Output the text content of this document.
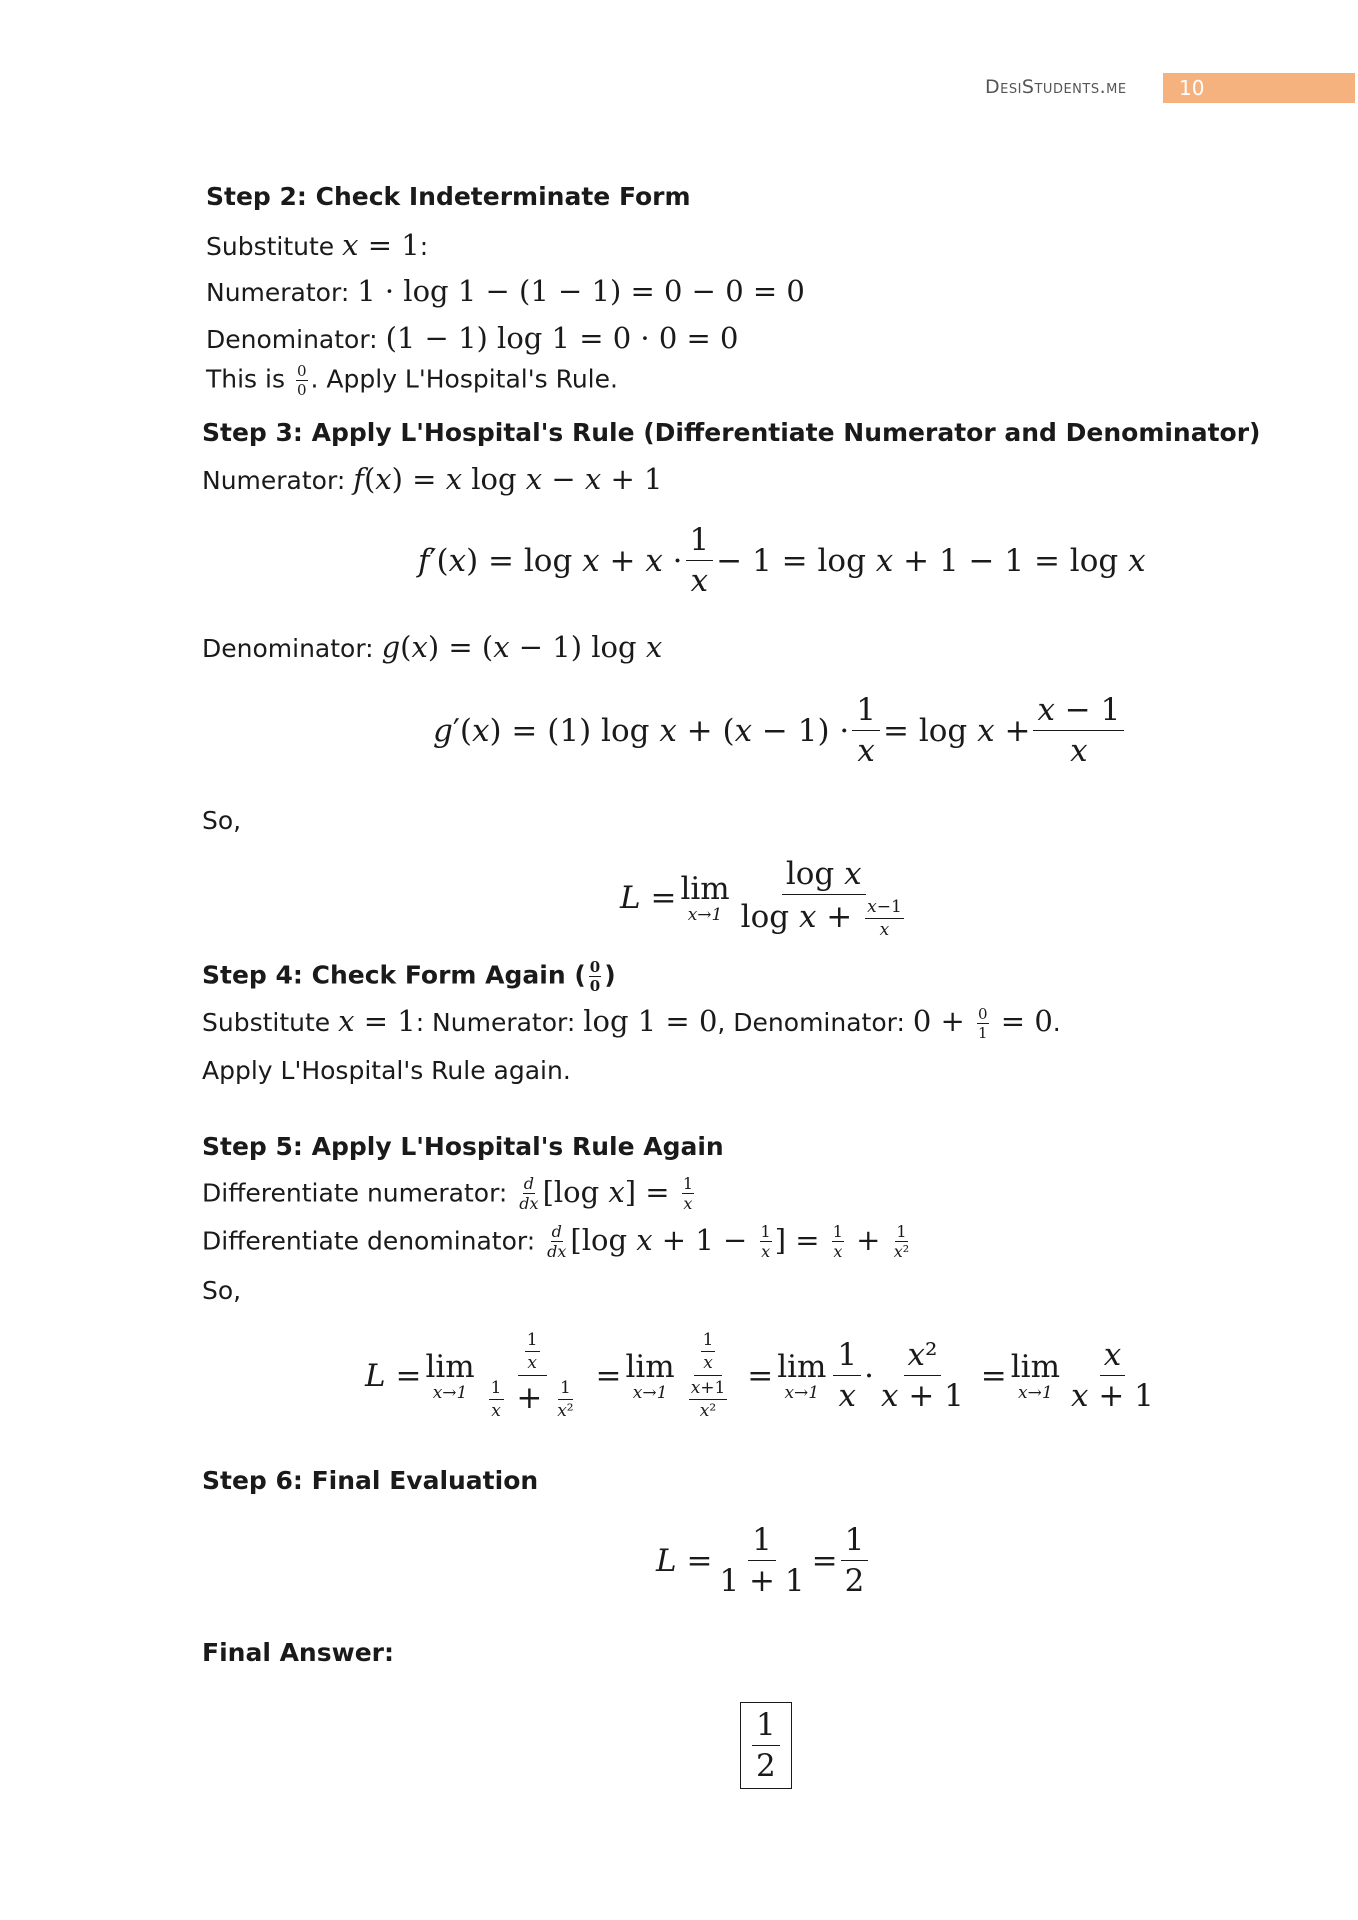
DesiStudents.me	10
Step 2: Check Indeterminate Form
Substitute x = 1:
Numerator: 1 · log 1 − (1 − 1) = 0 − 0 = 0
Denominator: (1 − 1) log 1 = 0 · 0 = 0
This is $\frac{0}{0}$ . Apply L'Hospital's Rule.
Step 3: Apply L'Hospital's Rule (Differentiate Numerator and Denominator)
Numerator: f(x) = x log x − x + 1
$f'(x) = \log x + x \cdot \frac{1}{x} - 1 = \log x + 1 - 1 = \log x$
Denominator: g(x) = (x − 1) log x
g′(x) = (1) $\log x + (x - 1) \cdot \frac{1}{x} = \log x + \frac{x - 1}{x}$
So,
L = lim
$x\to 1 \frac{\text{log x}}{\log x + \frac{x-1}{x}}$
Step 4: Check Form Again ( $\frac{0}{0}$ )
Substitute x = 1: Numerator: log 1 = 0, Denominator: $0 + \frac{0}{1} = 0$.
Apply L'Hospital's Rule again.
Step 5: Apply L'Hospital's Rule Again
Differentiate numerator: $\frac{d}{dx} [\log$ $x] = \frac{1}{x}$
Differentiate denominator: $\frac{d}{dx} [\log$ $x + 1 - \frac{1}{x}$ ] = $\frac{1}{x} + \frac{1}{\text{x²}}$
So,
L = lim
$x\to 1 \frac{\frac{1}{x}}{\frac{1}{x} + \frac{1}{\text{x²}}} = \lim$
$x\to 1 \frac{\frac{1}{x}}{\frac{x+1}{\text{x²}}} = \lim$
$x\to 1 \frac{1}{x} \cdot \frac{\text{x²}}{x + 1} = \lim$
$x\to 1 \frac{x}{x + 1}$
Step 6: Final Evaluation
$L = \frac{1}{1 + 1} = \frac{1}{2}$
Final Answer:
$\frac{1}{2}$
